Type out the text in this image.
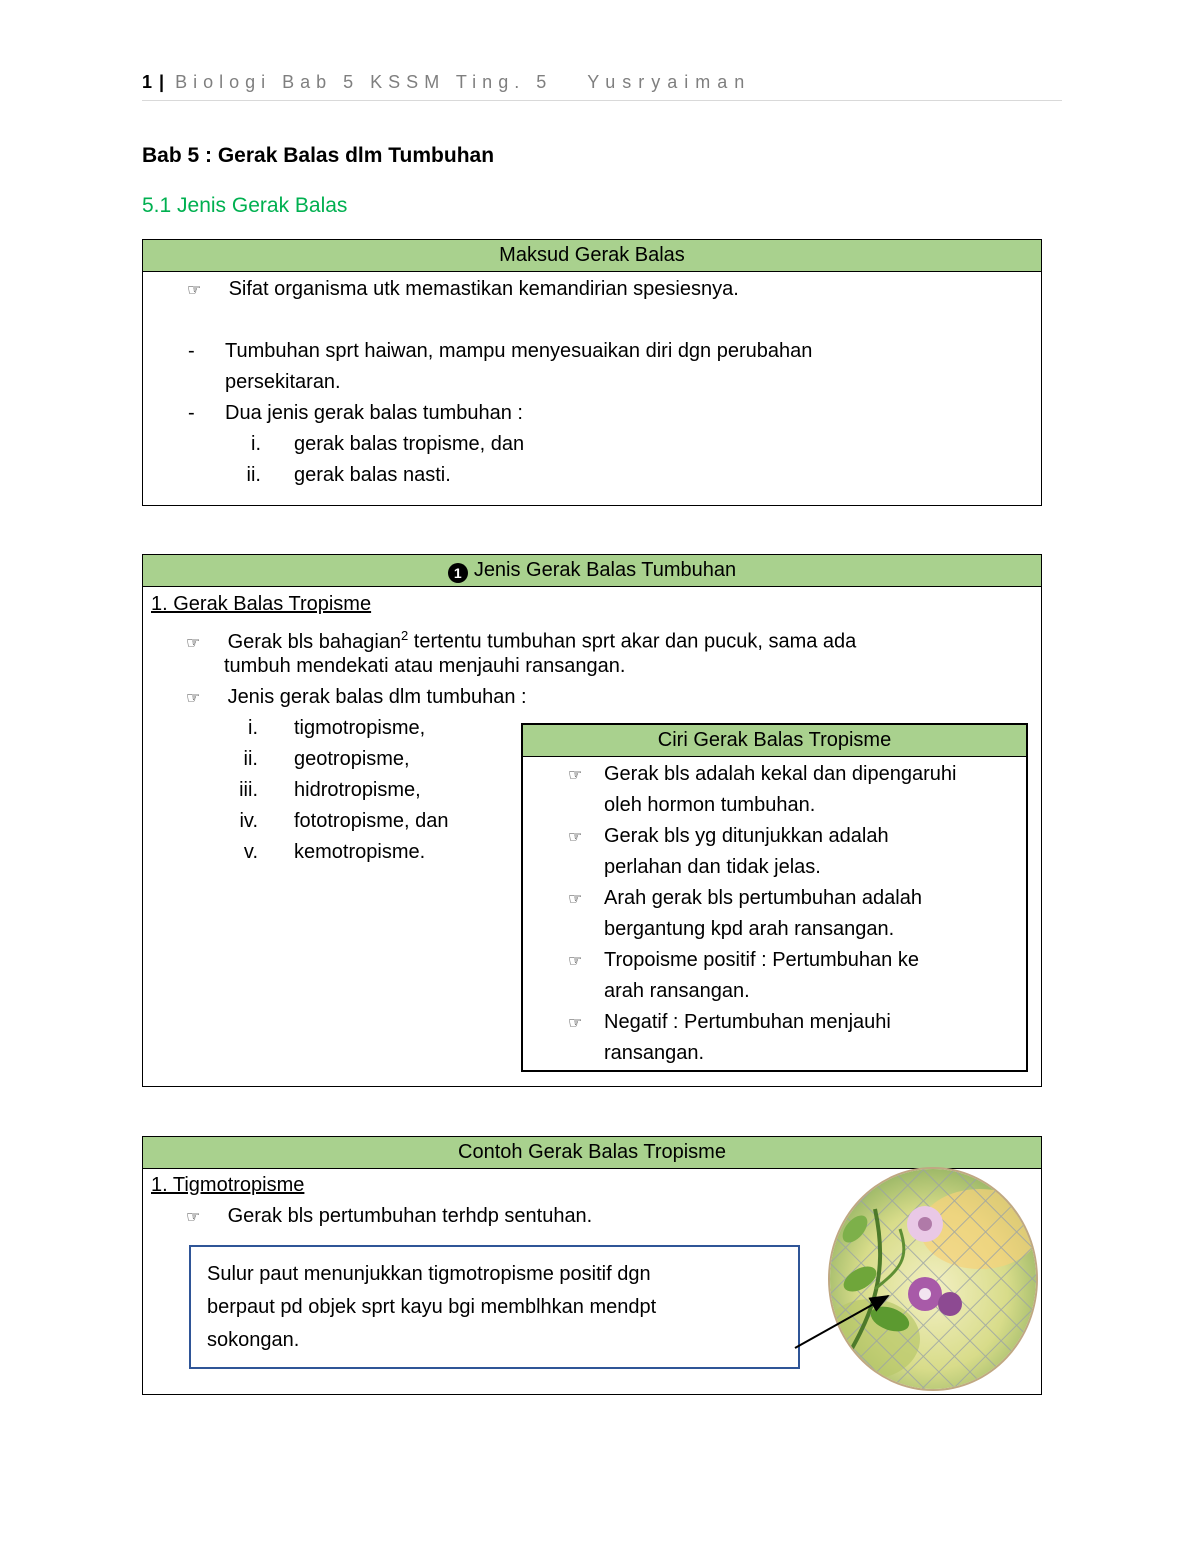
1 | Biologi Bab 5 KSSM Ting. 5 Yusryaiman
Bab 5 : Gerak Balas dlm Tumbuhan
5.1 Jenis Gerak Balas
Maksud Gerak Balas
☞ Sifat organisma utk memastikan kemandirian spesiesnya.
- Tumbuhan sprt haiwan, mampu menyesuaikan diri dgn perubahan
persekitaran.
- Dua jenis gerak balas tumbuhan :
i. gerak balas tropisme, dan
ii. gerak balas nasti.
1 Jenis Gerak Balas Tumbuhan
1. Gerak Balas Tropisme
☞ Gerak bls bahagian$^2$ tertentu tumbuhan sprt akar dan pucuk, sama ada
tumbuh mendekati atau menjauhi ransangan.
☞ Jenis gerak balas dlm tumbuhan :
i. tigmotropisme,
ii. geotropisme,
iii. hidrotropisme,
iv. fototropisme, dan
v. kemotropisme.
Ciri Gerak Balas Tropisme
☞ Gerak bls adalah kekal dan dipengaruhi
oleh hormon tumbuhan.
☞ Gerak bls yg ditunjukkan adalah
perlahan dan tidak jelas.
☞ Arah gerak bls pertumbuhan adalah
bergantung kpd arah ransangan.
☞ Tropoisme positif : Pertumbuhan ke
arah ransangan.
☞ Negatif : Pertumbuhan menjauhi
ransangan.
Contoh Gerak Balas Tropisme
1. Tigmotropisme
☞ Gerak bls pertumbuhan terhdp sentuhan.
Sulur paut menunjukkan tigmotropisme positif dgn
berpaut pd objek sprt kayu bgi memblhkan mendpt
sokongan.
